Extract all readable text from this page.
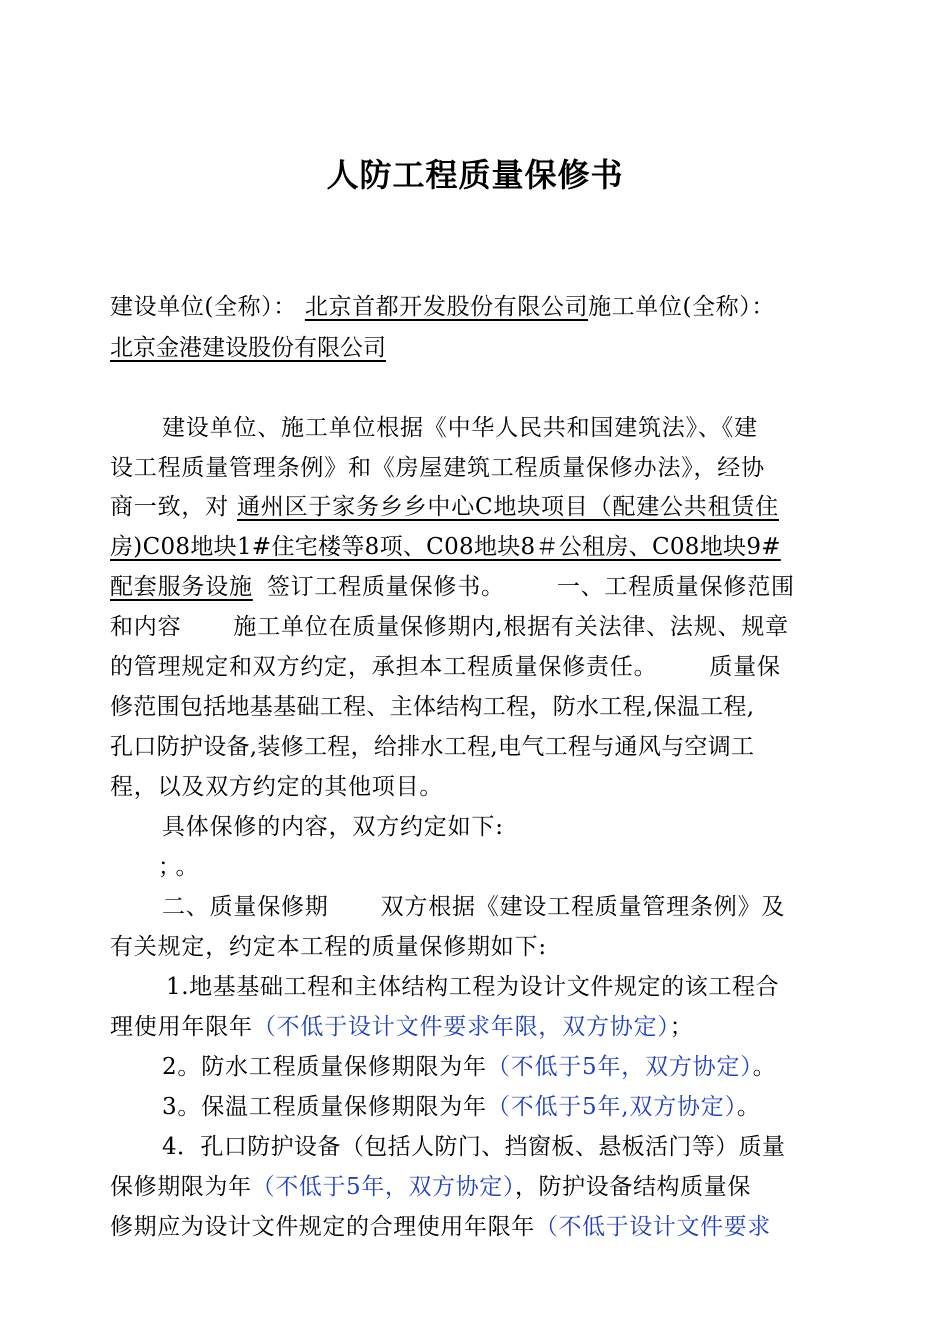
人防工程质量保修书
建设单位(全称）： 北京首都开发股份有限公司施工单位(全称）：
北京金港建设股份有限公司
建设单位、施工单位根据《中华人民共和国建筑法》、《建
设工程质量管理条例》和《房屋建筑工程质量保修办法》，经协
商一致，对 通州区于家务乡乡中心C地块项目（配建公共租赁住
房)C08地块1#住宅楼等8项、C08地块8＃公租房、C08地块9#
配套服务设施 签订工程质量保修书。 一、工程质量保修范围
和内容 施工单位在质量保修期内,根据有关法律、法规、规章
的管理规定和双方约定，承担本工程质量保修责任。 质量保
修范围包括地基基础工程、主体结构工程，防水工程,保温工程,
孔口防护设备,装修工程，给排水工程,电气工程与通风与空调工
程，以及双方约定的其他项目。
具体保修的内容，双方约定如下:
；。
二、质量保修期 双方根据《建设工程质量管理条例》及
有关规定，约定本工程的质量保修期如下:
1.地基基础工程和主体结构工程为设计文件规定的该工程合
理使用年限年（不低于设计文件要求年限，双方协定）；
2。防水工程质量保修期限为年（不低于5年，双方协定）。
3。保温工程质量保修期限为年（不低于5年,双方协定）。
4．孔口防护设备（包括人防门、挡窗板、悬板活门等）质量
保修期限为年（不低于5年，双方协定），防护设备结构质量保
修期应为设计文件规定的合理使用年限年（不低于设计文件要求
